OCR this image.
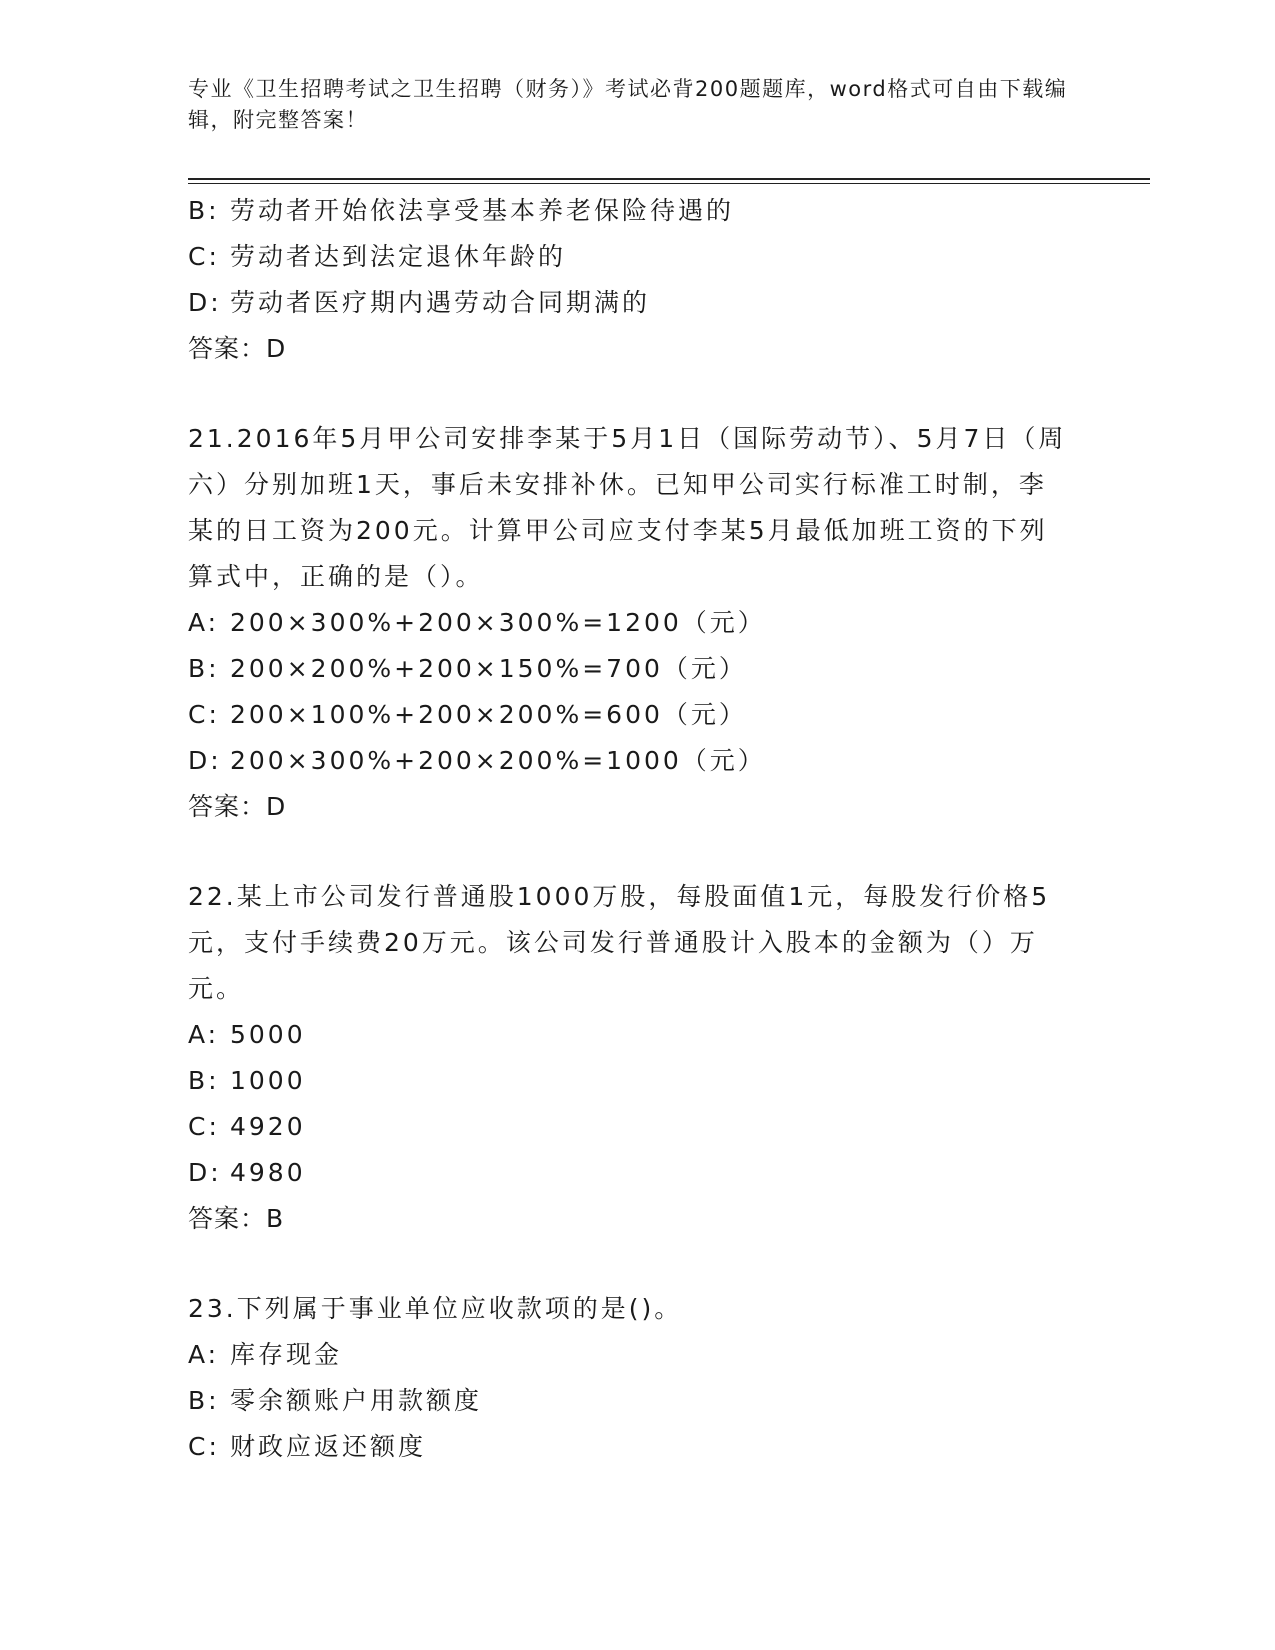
专业《卫生招聘考试之卫生招聘（财务）》考试必背200题题库，word格式可自由下载编辑，附完整答案！
B: 劳动者开始依法享受基本养老保险待遇的
C: 劳动者达到法定退休年龄的
D: 劳动者医疗期内遇劳动合同期满的
答案：D
21.2016年5月甲公司安排李某于5月1日（国际劳动节）、5月7日（周六）分别加班1天，事后未安排补休。已知甲公司实行标准工时制，李某的日工资为200元。计算甲公司应支付李某5月最低加班工资的下列算式中，正确的是（）。
A: 200×300%+200×300%=1200（元）
B: 200×200%+200×150%=700（元）
C: 200×100%+200×200%=600（元）
D: 200×300%+200×200%=1000（元）
答案：D
22.某上市公司发行普通股1000万股，每股面值1元，每股发行价格5元，支付手续费20万元。该公司发行普通股计入股本的金额为（）万元。
A: 5000
B: 1000
C: 4920
D: 4980
答案：B
23.下列属于事业单位应收款项的是()。
A: 库存现金
B: 零余额账户用款额度
C: 财政应返还额度
